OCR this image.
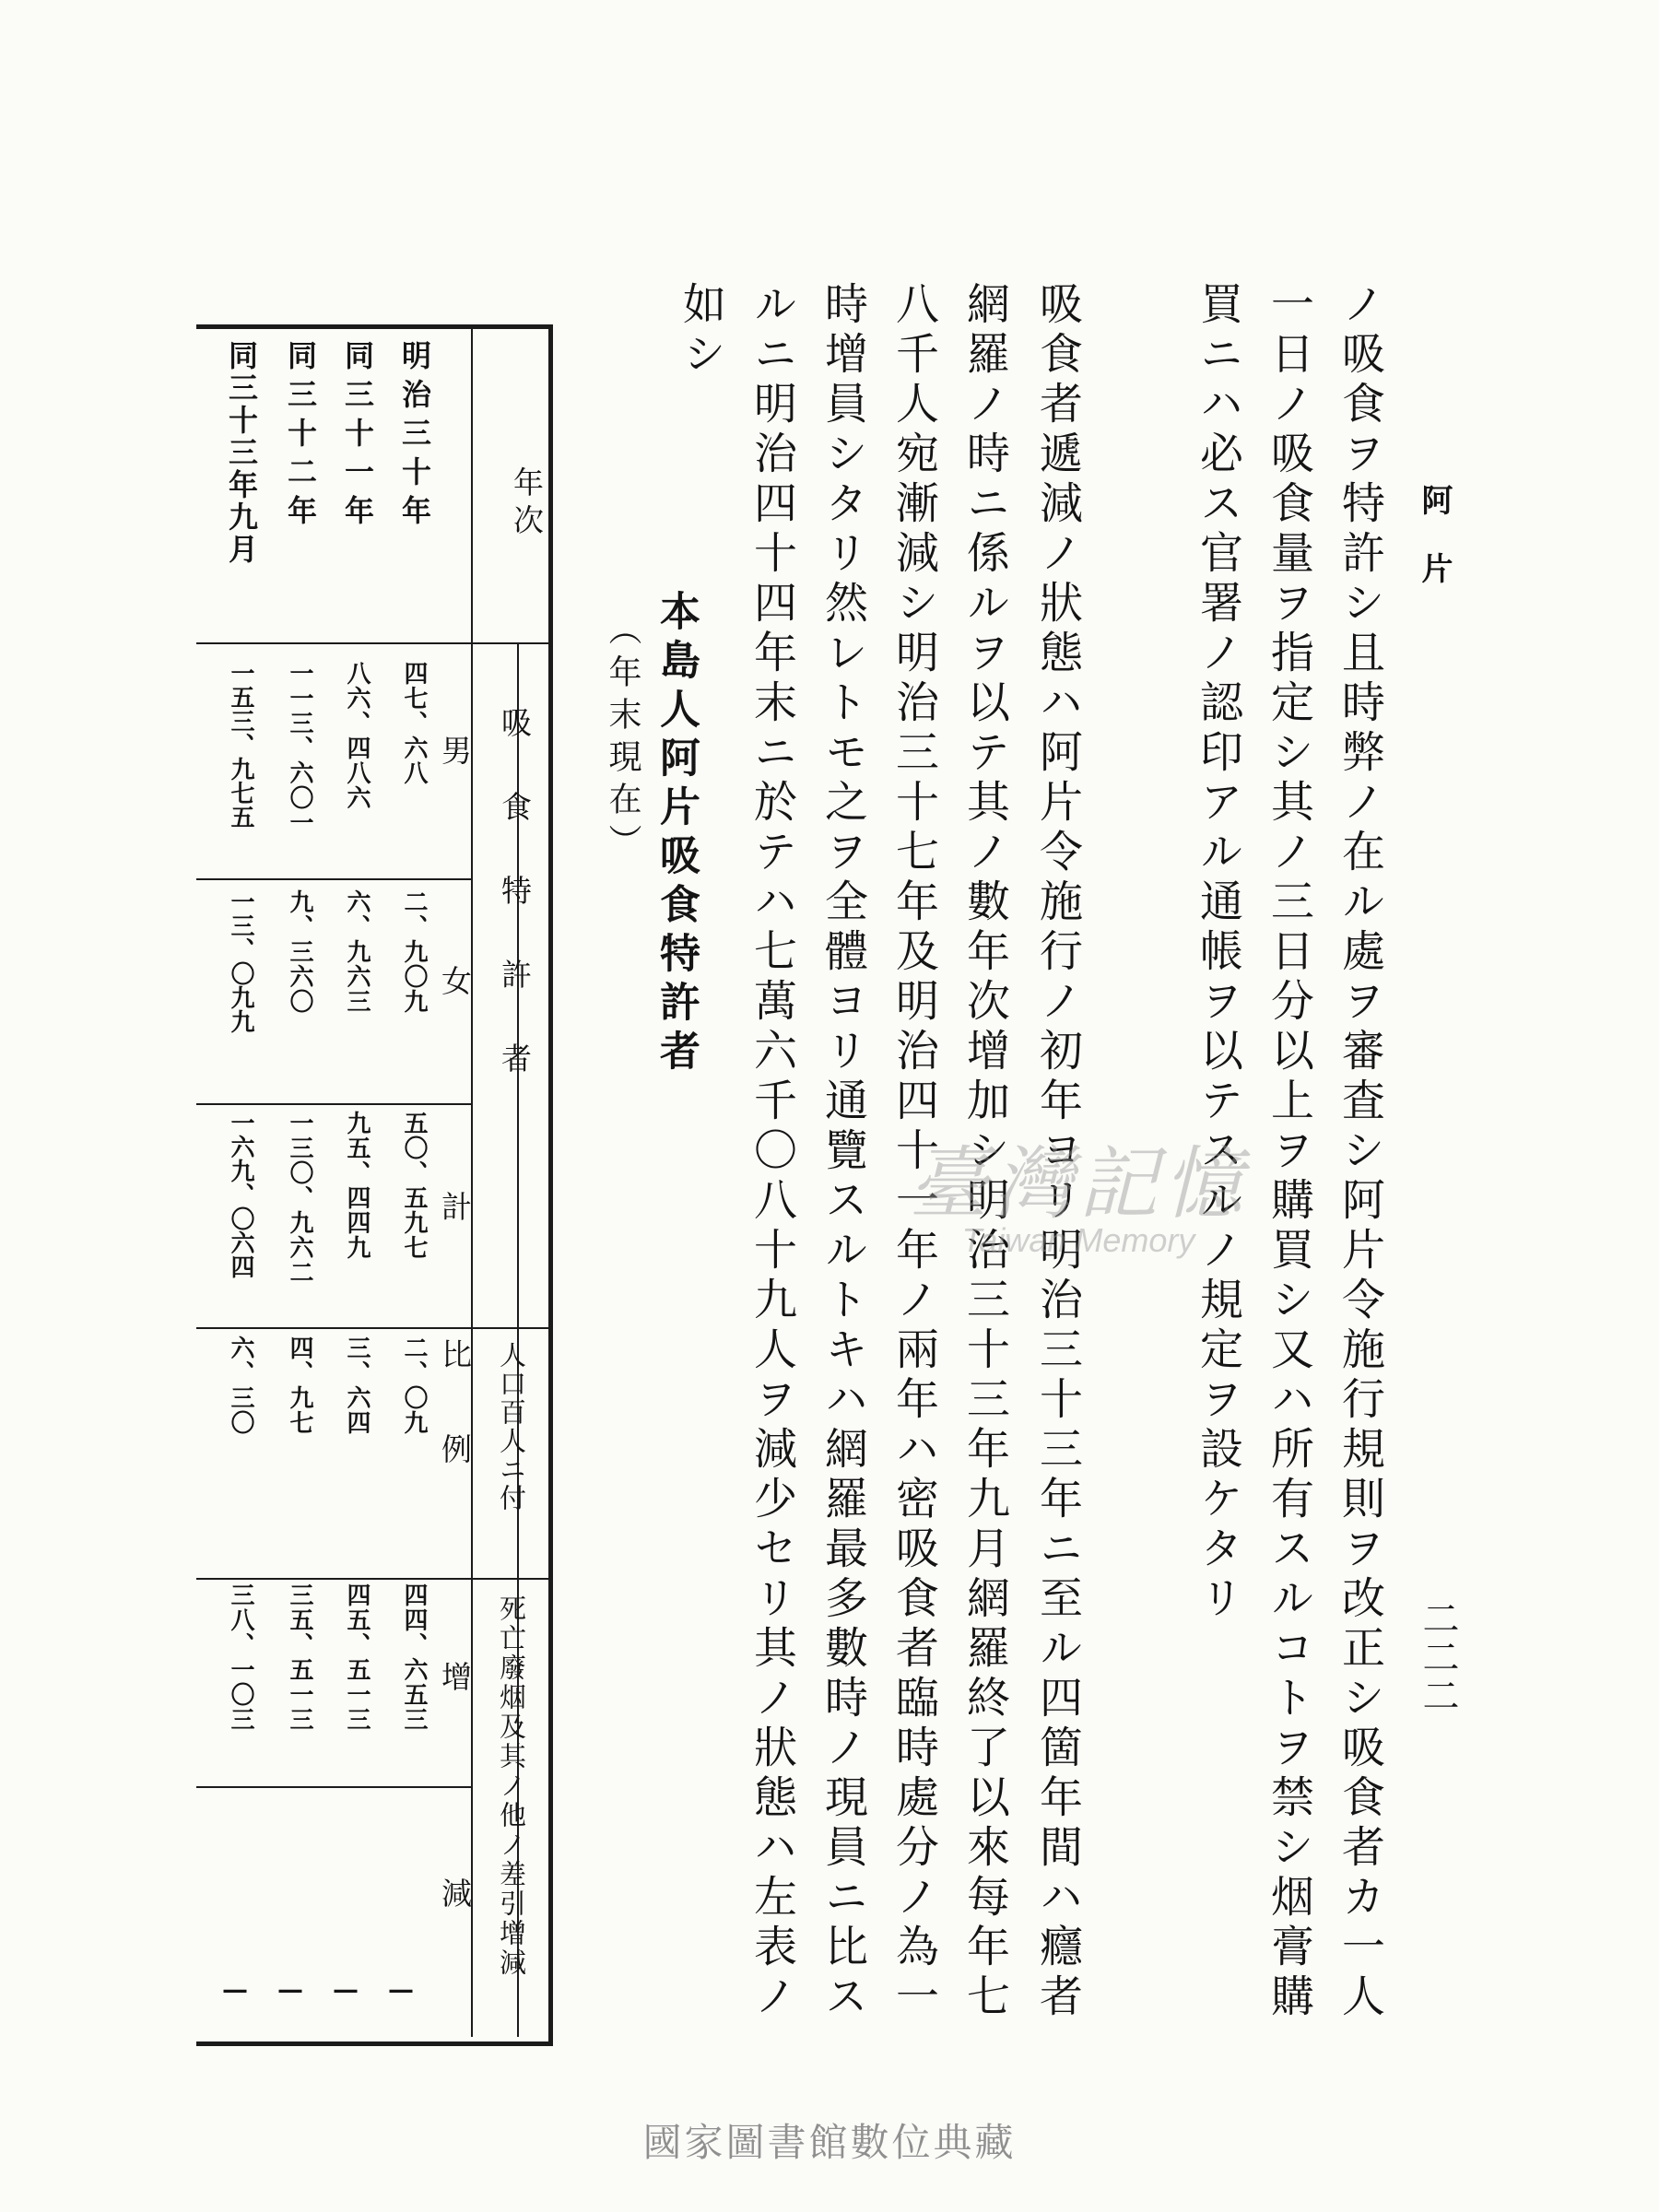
阿片
二二二
ノ吸食ヲ特許シ且時弊ノ在ル處ヲ審査シ阿片令施行規則ヲ改正シ吸食者カ一人
一日ノ吸食量ヲ指定シ其ノ三日分以上ヲ購買シ又ハ所有スルコトヲ禁シ烟膏購
買ニハ必ス官署ノ認印アル通帳ヲ以テスルノ規定ヲ設ケタリ
吸食者遞減ノ狀態ハ阿片令施行ノ初年ヨリ明治三十三年ニ至ル四箇年間ハ癮者
網羅ノ時ニ係ルヲ以テ其ノ數年次增加シ明治三十三年九月網羅終了以來每年七
八千人宛漸減シ明治三十七年及明治四十一年ノ兩年ハ密吸食者臨時處分ノ為一
時增員シタリ然レトモ之ヲ全體ヨリ通覽スルトキハ網羅最多數時ノ現員ニ比ス
ルニ明治四十四年末ニ於テハ七萬六千〇八十九人ヲ減少セリ其ノ狀態ハ左表ノ
如シ
本島人阿片吸食特許者
（年末現在）
年次
吸食特許者
男
女
計
人口百人ニ付
比例
死亡廢烟及其ノ他ノ差引增減
增
減
明治三十年
四七、六八
二、九〇九
五〇、五九七
二、〇九
四四、六五三
—
同三十一年
八六、四八六
六、九六三
九五、四四九
三、六四
四五、五一三
—
同三十二年
一一三、六〇一
九、三六〇
一三〇、九六二
四、九七
三五、五一三
—
同三十三年九月
一五三、九七五
一三、〇九九
一六九、〇六四
六、三〇
三八、一〇三
—
臺灣記憶
Taiwan Memory
國家圖書館數位典藏
